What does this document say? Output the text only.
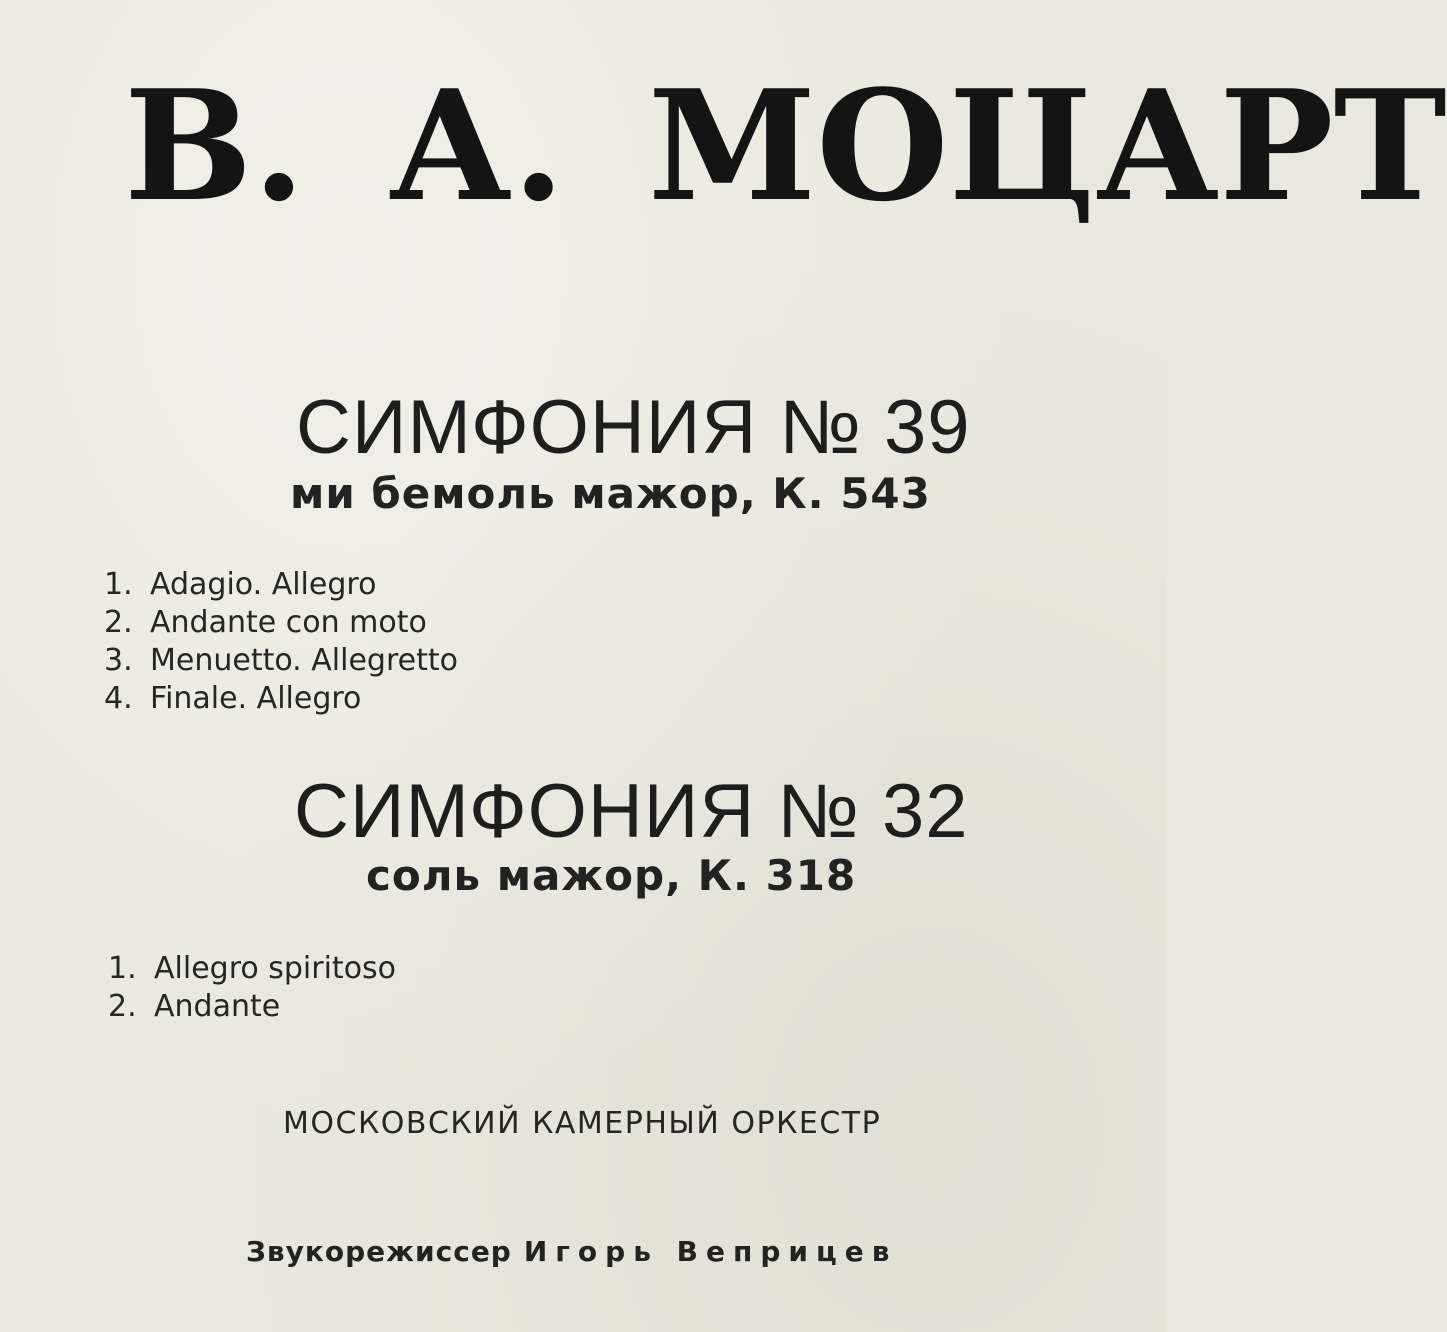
В. А. МОЦАРТ
СИМФОНИЯ № 39
ми бемоль мажор, К. 543
1. Adagio. Allegro
2. Andante con moto
3. Menuetto. Allegretto
4. Finale. Allegro
СИМФОНИЯ № 32
соль мажор, К. 318
1. Allegro spiritoso
2. Andante
МОСКОВСКИЙ КАМЕРНЫЙ ОРКЕСТР
Звукорежиссер Игорь Веприцев
